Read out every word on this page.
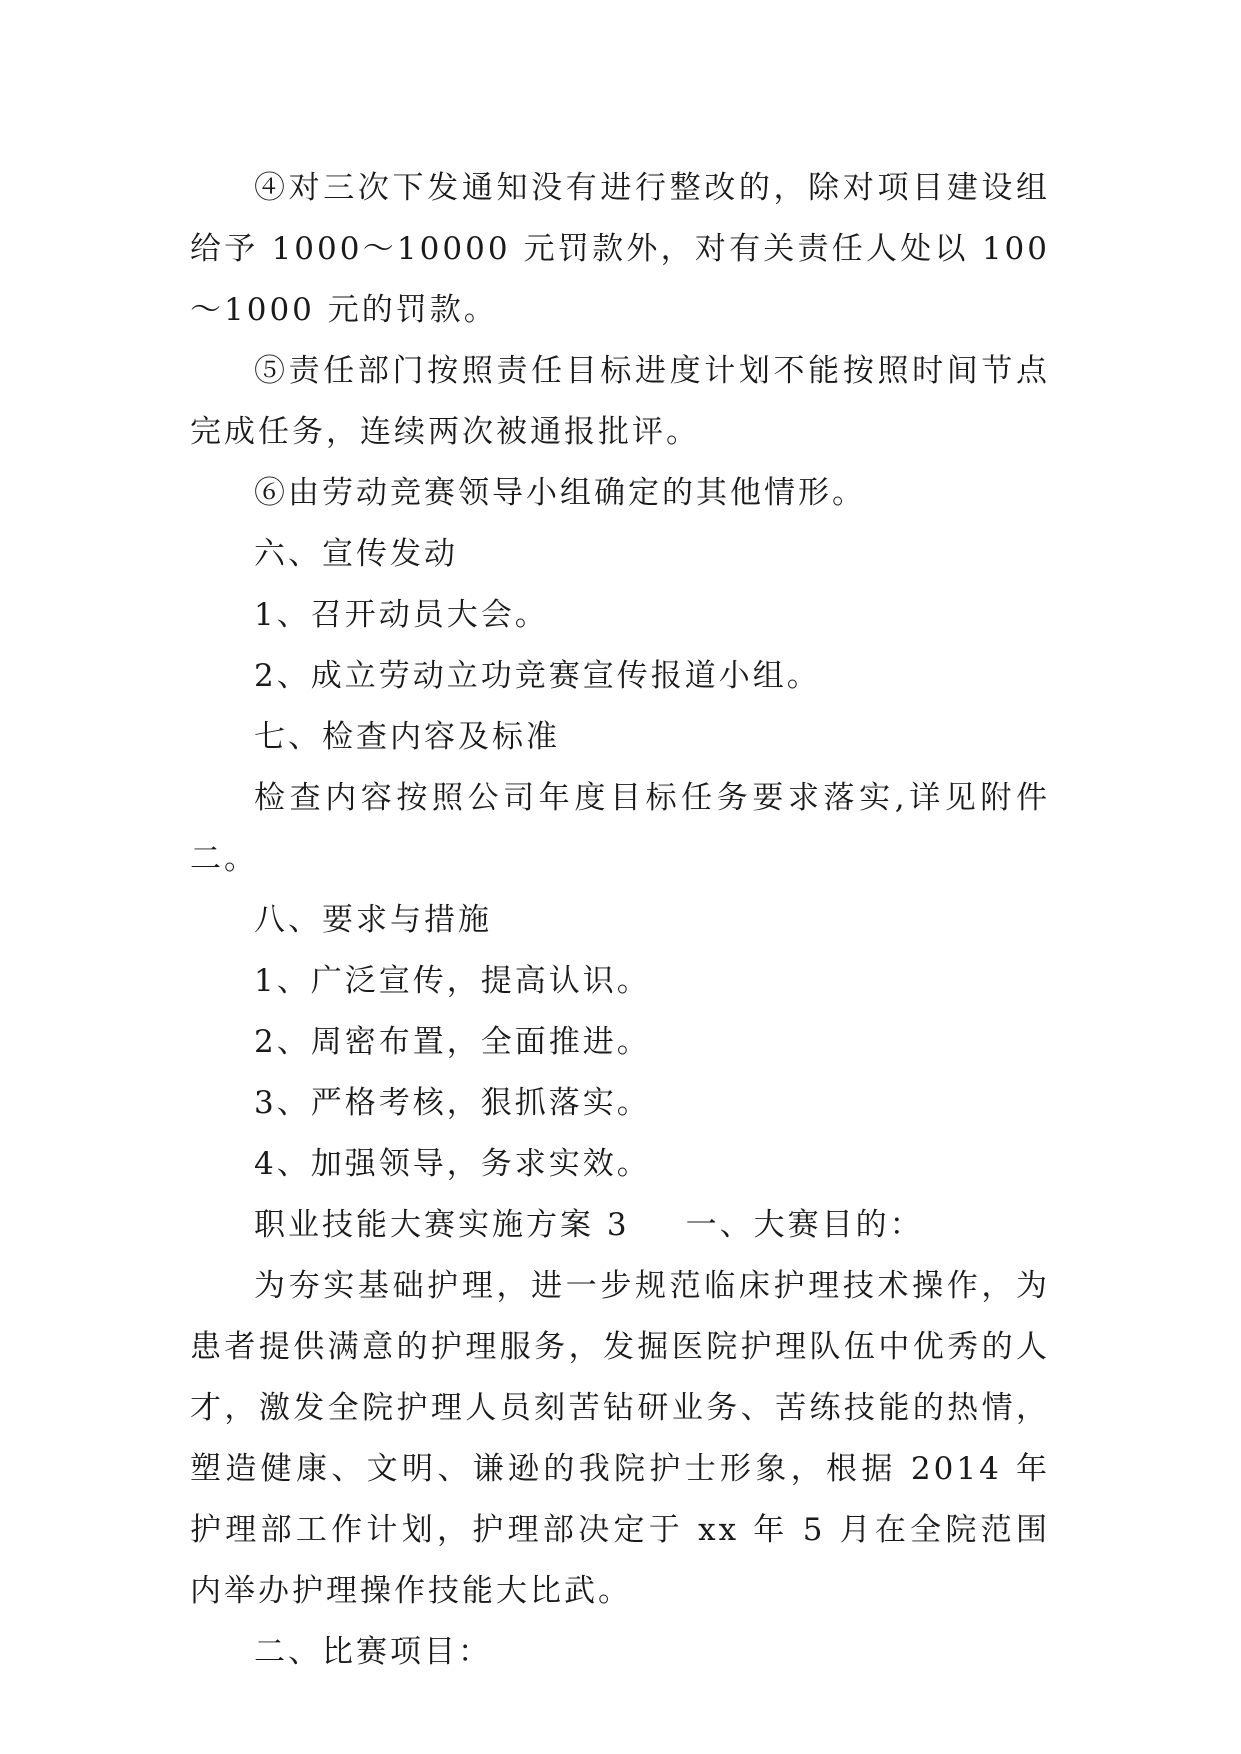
④对三次下发通知没有进行整改的，除对项目建设组给予 1000～10000 元罚款外，对有关责任人处以 100～1000 元的罚款。

⑤责任部门按照责任目标进度计划不能按照时间节点完成任务，连续两次被通报批评。

⑥由劳动竞赛领导小组确定的其他情形。

六、宣传发动

1、召开动员大会。

2、成立劳动立功竞赛宣传报道小组。

七、检查内容及标准

检查内容按照公司年度目标任务要求落实,详见附件二。

八、要求与措施

1、广泛宣传，提高认识。

2、周密布置，全面推进。

3、严格考核，狠抓落实。

4、加强领导，务求实效。

职业技能大赛实施方案 3 一、大赛目的：

为夯实基础护理，进一步规范临床护理技术操作，为患者提供满意的护理服务，发掘医院护理队伍中优秀的人才，激发全院护理人员刻苦钻研业务、苦练技能的热情，塑造健康、文明、谦逊的我院护士形象，根据 2014 年护理部工作计划，护理部决定于 xx 年 5 月在全院范围内举办护理操作技能大比武。

二、比赛项目：
